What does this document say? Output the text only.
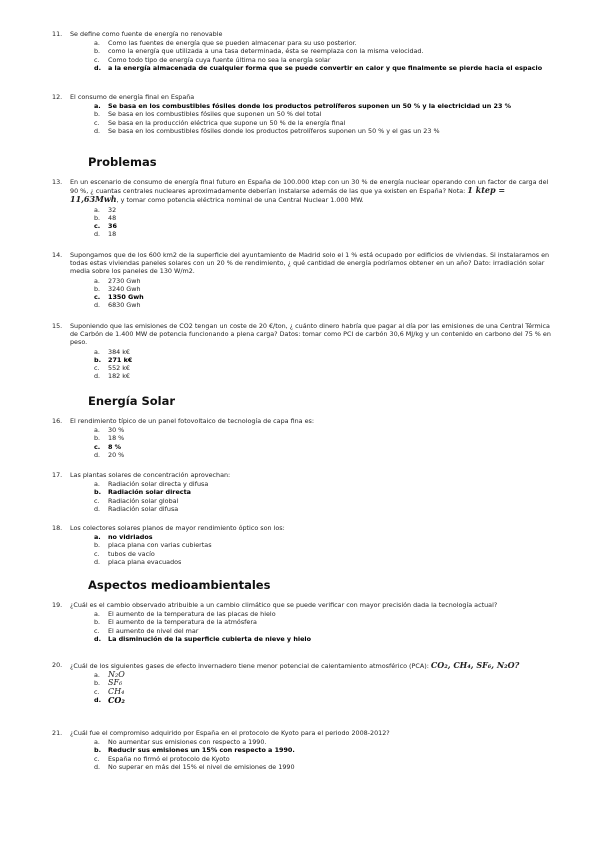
11.	Se define como fuente de energía no renovable
a. Como las fuentes de energía que se pueden almacenar para su uso posterior.
b. como la energía que utilizada a una tasa determinada, ésta se reemplaza con la misma velocidad.
c. Como todo tipo de energía cuya fuente última no sea la energía solar
d. a la energía almacenada de cualquier forma que se puede convertir en calor y que finalmente se pierde hacia el espacio
12.	El consumo de energía final en España
a. Se basa en los combustibles fósiles donde los productos petrolíferos suponen un 50 % y la electricidad un 23 %
b. Se basa en los combustibles fósiles que suponen un 50 % del total
c. Se basa en la producción eléctrica que supone un 50 % de la energía final
d. Se basa en los combustibles fósiles donde los productos petrolíferos suponen un 50 % y el gas un 23 %
Problemas
13.	En un escenario de consumo de energía final futuro en España de 100.000 ktep con un 30 % de energía nuclear operando con un factor de carga del 90 %, ¿ cuantas centrales nucleares aproximadamente deberían instalarse además de las que ya existen en España? Nota: 1 ktep = 11,63Mwh, y tomar como potencia eléctrica nominal de una Central Nuclear 1.000 MW.
a. 32
b. 48
c. 36
d. 18
14.	Supongamos que de los 600 km2 de la superficie del ayuntamiento de Madrid solo el 1 % está ocupado por edificios de viviendas. Si instalaramos en todas estas viviendas paneles solares con un 20 % de rendimiento, ¿ qué cantidad de energía podríamos obtener en un año? Dato: irradiación solar media sobre los paneles de 130 W/m2.
a. 2730 Gwh
b. 3240 Gwh
c. 1350 Gwh
d. 6830 Gwh
15.	Suponiendo que las emisiones de CO2 tengan un coste de 20 €/ton, ¿ cuánto dinero habría que pagar al día por las emisiones de una Central Térmica de Carbón de 1.400 MW de potencia funcionando a plena carga? Datos: tomar como PCI de carbón 30,6 MJ/kg y un contenido en carbono del 75 % en peso.
a. 384 k€
b. 271 k€
c. 552 k€
d. 182 k€
Energía Solar
16.	El rendimiento típico de un panel fotovoltaico de tecnología de capa fina es:
a. 30 %
b. 18 %
c. 8 %
d. 20 %
17.	Las plantas solares de concentración aprovechan:
a. Radiación solar directa y difusa
b. Radiación solar directa
c. Radiación solar global
d. Radiación solar difusa
18.	Los colectores solares planos de mayor rendimiento óptico son los:
a. no vidriados
b. placa plana con varias cubiertas
c. tubos de vacío
d. placa plana evacuados
Aspectos medioambientales
19.	¿Cuál es el cambio observado atribuible a un cambio climático que se puede verificar con mayor precisión dada la tecnología actual?
a. El aumento de la temperatura de las placas de hielo
b. El aumento de la temperatura de la atmósfera
c. El aumento de nivel del mar
d. La disminución de la superficie cubierta de nieve y hielo
20.	¿Cuál de los siguientes gases de efecto invernadero tiene menor potencial de calentamiento atmosférico (PCA): CO₂, CH₄, SF₆, N₂O?
a. N₂O
b. SF₆
c. CH₄
d. CO₂
21.	¿Cuál fue el compromiso adquirido por España en el protocolo de Kyoto para el periodo 2008-2012?
a. No aumentar sus emisiones con respecto a 1990.
b. Reducir sus emisiones un 15% con respecto a 1990.
c. España no firmó el protocolo de Kyoto
d. No superar en más del 15% el nivel de emisiones de 1990
